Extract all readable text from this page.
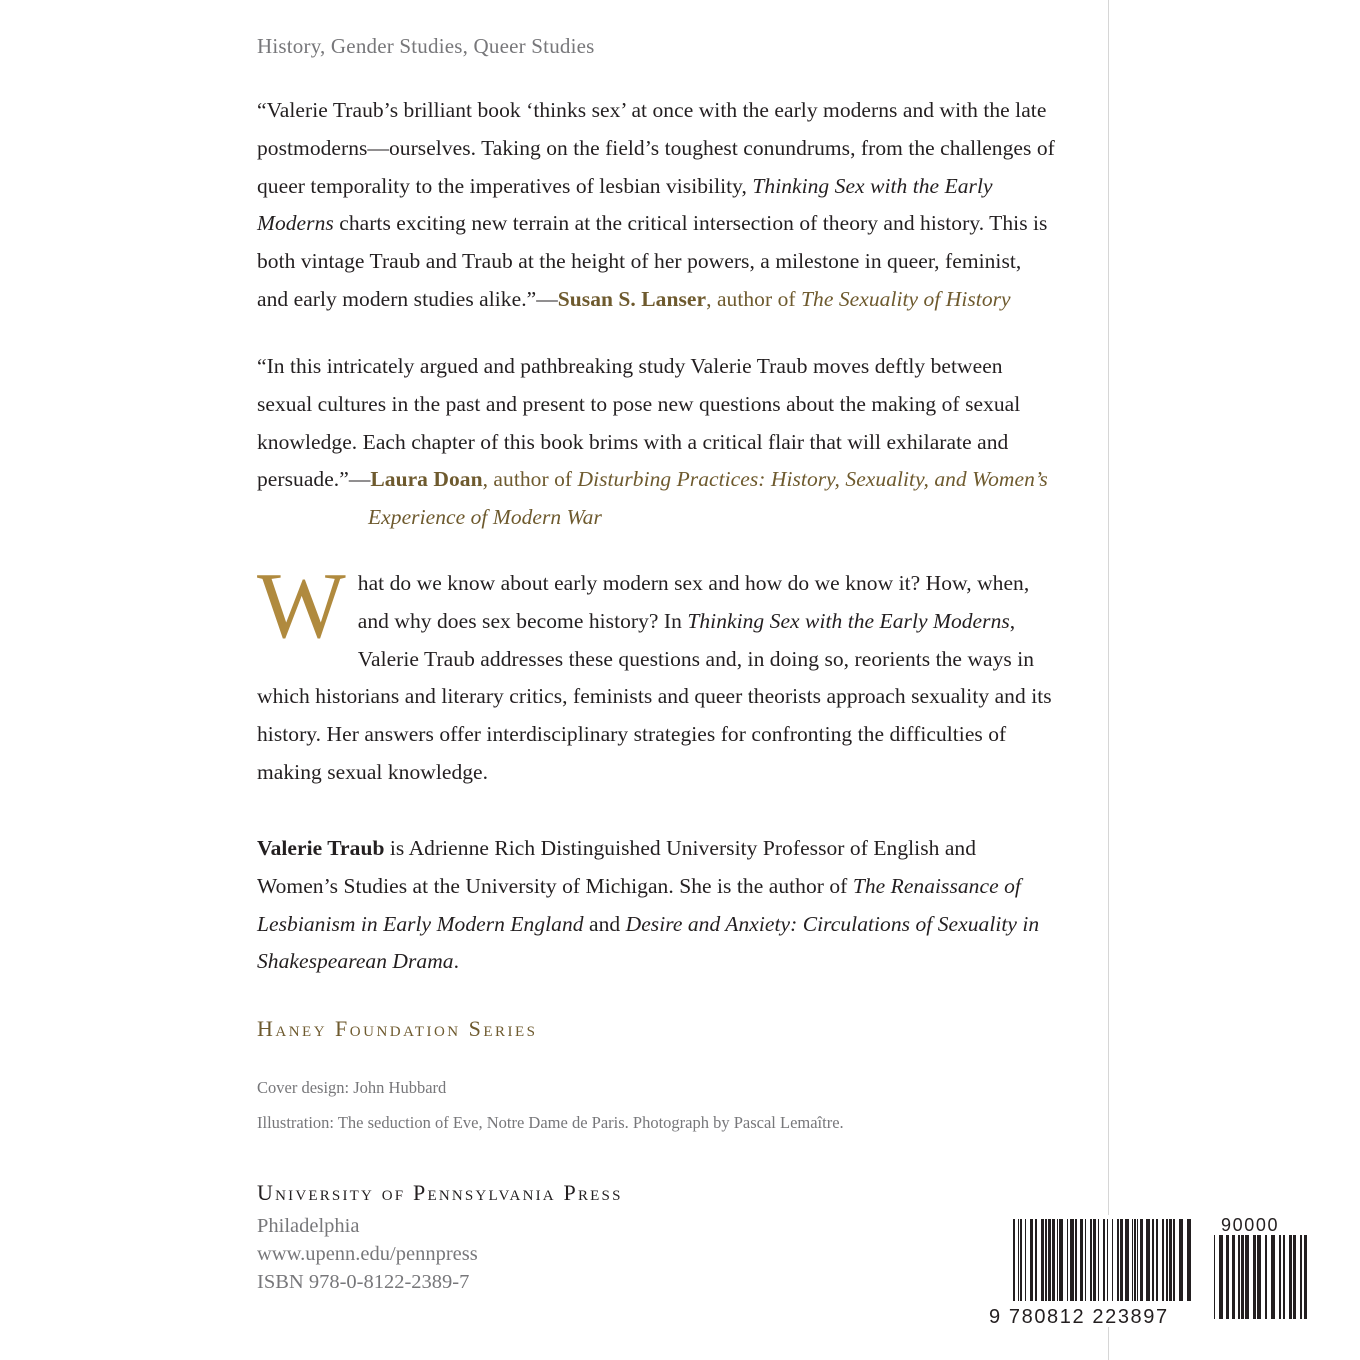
History, Gender Studies, Queer Studies

“Valerie Traub’s brilliant book ‘thinks sex’ at once with the early moderns and with the late postmoderns—ourselves. Taking on the field’s toughest conundrums, from the challenges of queer temporality to the imperatives of lesbian visibility, Thinking Sex with the Early Moderns charts exciting new terrain at the critical intersection of theory and history. This is both vintage Traub and Traub at the height of her powers, a milestone in queer, feminist, and early modern studies alike.”—Susan S. Lanser, author of The Sexuality of History

“In this intricately argued and pathbreaking study Valerie Traub moves deftly between sexual cultures in the past and present to pose new questions about the making of sexual knowledge. Each chapter of this book brims with a critical flair that will exhilarate and persuade.”—Laura Doan, author of Disturbing Practices: History, Sexuality, and Women’s
Experience of Modern War

What do we know about early modern sex and how do we know it? How, when, and why does sex become history? In Thinking Sex with the Early Moderns, Valerie Traub addresses these questions and, in doing so, reorients the ways in which historians and literary critics, feminists and queer theorists approach sexuality and its history. Her answers offer interdisciplinary strategies for confronting the difficulties of making sexual knowledge.

Valerie Traub is Adrienne Rich Distinguished University Professor of English and Women’s Studies at the University of Michigan. She is the author of The Renaissance of Lesbianism in Early Modern England and Desire and Anxiety: Circulations of Sexuality in Shakespearean Drama.

Haney Foundation Series
Cover design: John Hubbard
Illustration: The seduction of Eve, Notre Dame de Paris. Photograph by Pascal Lemaître.
University of Pennsylvania Press
Philadelphia
www.upenn.edu/pennpress
ISBN 978-0-8122-2389-7
9 780812 223897
90000
